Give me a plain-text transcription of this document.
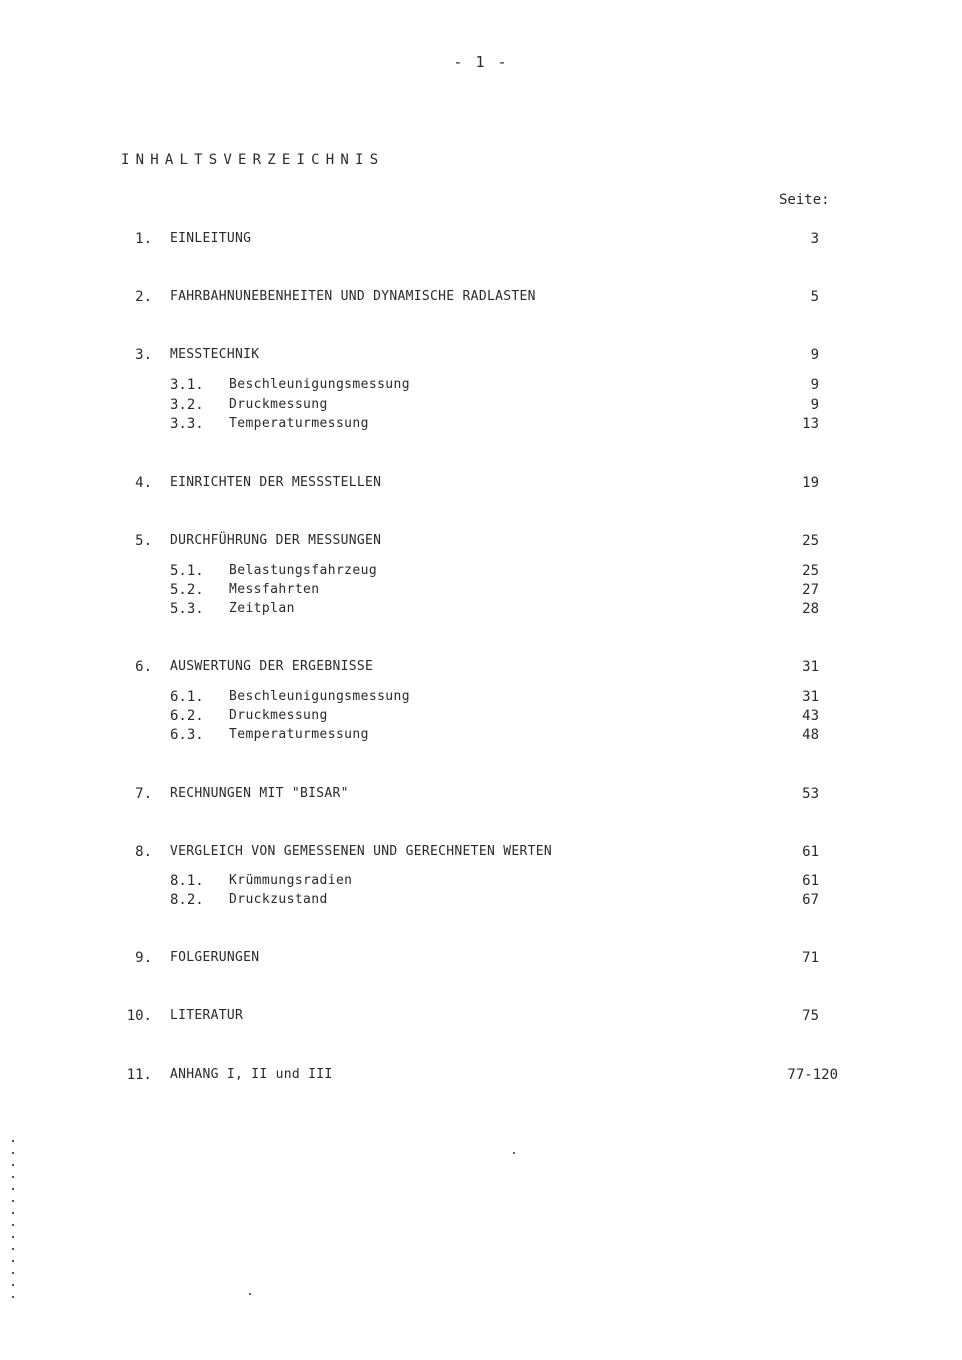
- 1 -
INHALTSVERZEICHNIS
Seite:
1. EINLEITUNG	3
2. FAHRBAHNUNEBENHEITEN UND DYNAMISCHE RADLASTEN	5
3. MESSTECHNIK	9
3.1. Beschleunigungsmessung	9
3.2. Druckmessung	9
3.3. Temperaturmessung	13
4. EINRICHTEN DER MESSSTELLEN	19
5. DURCHFÜHRUNG DER MESSUNGEN	25
5.1. Belastungsfahrzeug	25
5.2. Messfahrten	27
5.3. Zeitplan	28
6. AUSWERTUNG DER ERGEBNISSE	31
6.1. Beschleunigungsmessung	31
6.2. Druckmessung	43
6.3. Temperaturmessung	48
7. RECHNUNGEN MIT "BISAR"	53
8. VERGLEICH VON GEMESSENEN UND GERECHNETEN WERTEN	61
8.1. Krümmungsradien	61
8.2. Druckzustand	67
9. FOLGERUNGEN	71
10. LITERATUR	75
11. ANHANG I, II und III	77-120
